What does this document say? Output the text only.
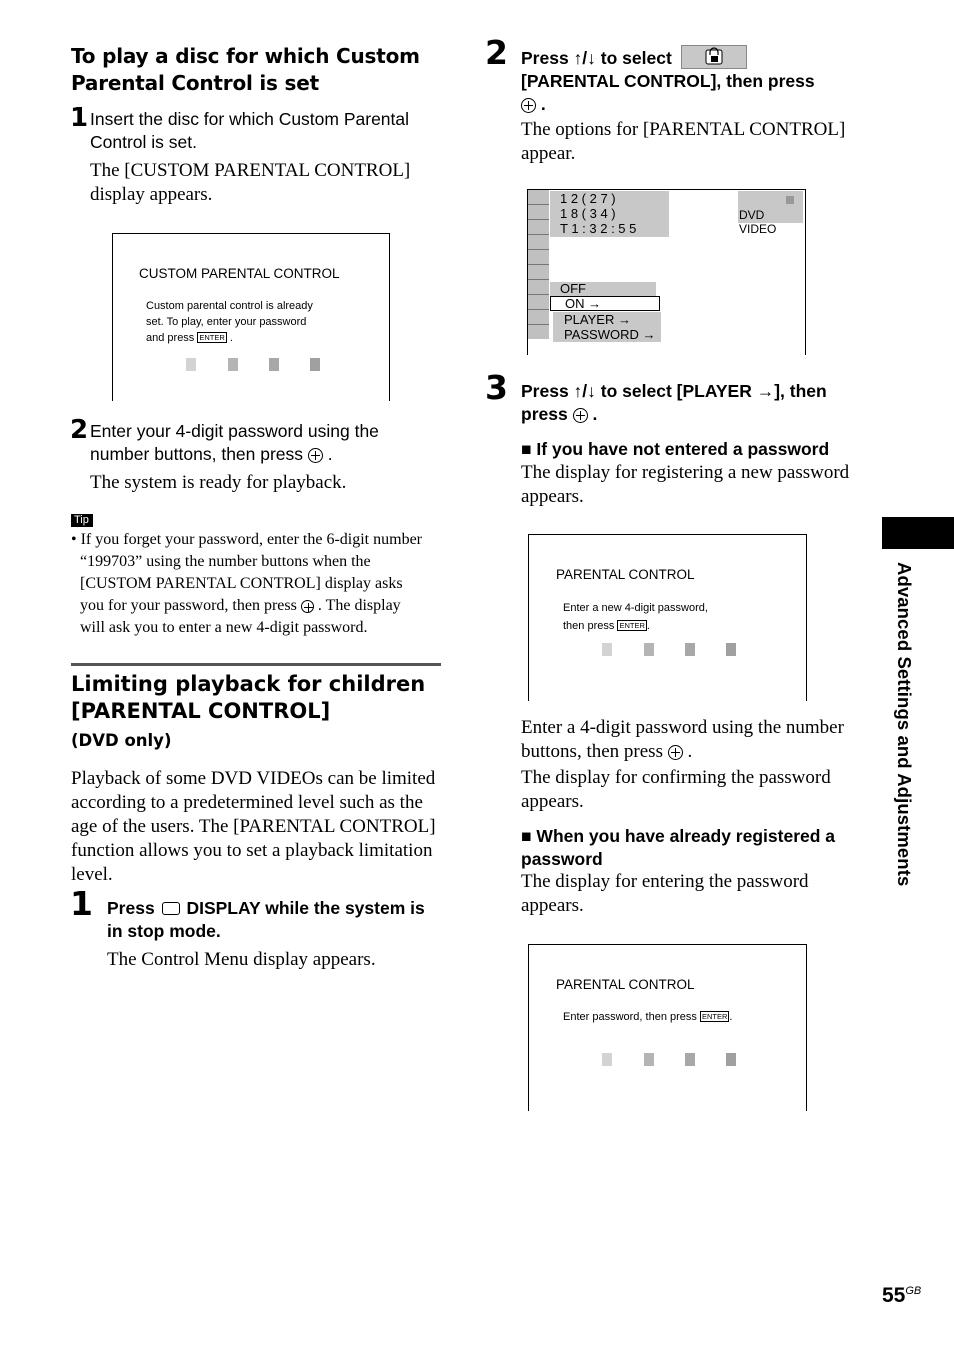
To play a disc for which Custom
Parental Control is set
1 Insert the disc for which Custom Parental
Control is set.
The [CUSTOM PARENTAL CONTROL]
display appears.
CUSTOM PARENTAL CONTROL
Custom parental control is already
set. To play, enter your password
and press ENTER .
2 Enter your 4-digit password using the
number buttons, then press  .
The system is ready for playback.
Tip
• If you forget your password, enter the 6-digit number
“199703” using the number buttons when the
[CUSTOM PARENTAL CONTROL] display asks
you for your password, then press . The display
will ask you to enter a new 4-digit password.
Limiting playback for children
[PARENTAL CONTROL]
(DVD only)
Playback of some DVD VIDEOs can be limited
according to a predetermined level such as the
age of the users. The [PARENTAL CONTROL]
function allows you to set a playback limitation
level.
1 Press DISPLAY while the system is
in stop mode.
The Control Menu display appears.
2 Press ↑/↓ to select
[PARENTAL CONTROL], then press
.
The options for [PARENTAL CONTROL]
appear.
1 2 ( 2 7 )
1 8 ( 3 4 )
T 1 : 3 2 : 5 5
DVD VIDEO
OFF
ON →
PLAYER →
PASSWORD →
3 Press ↑/↓ to select [PLAYER →], then
press .
■ If you have not entered a password
The display for registering a new password
appears.
PARENTAL CONTROL
Enter a new 4-digit password,
then press ENTER .
Enter a 4-digit password using the number
buttons, then press .
The display for confirming the password
appears.
■ When you have already registered a
password
The display for entering the password
appears.
PARENTAL CONTROL
Enter password, then press ENTER .
Advanced Settings and Adjustments
$55^{GB}$
